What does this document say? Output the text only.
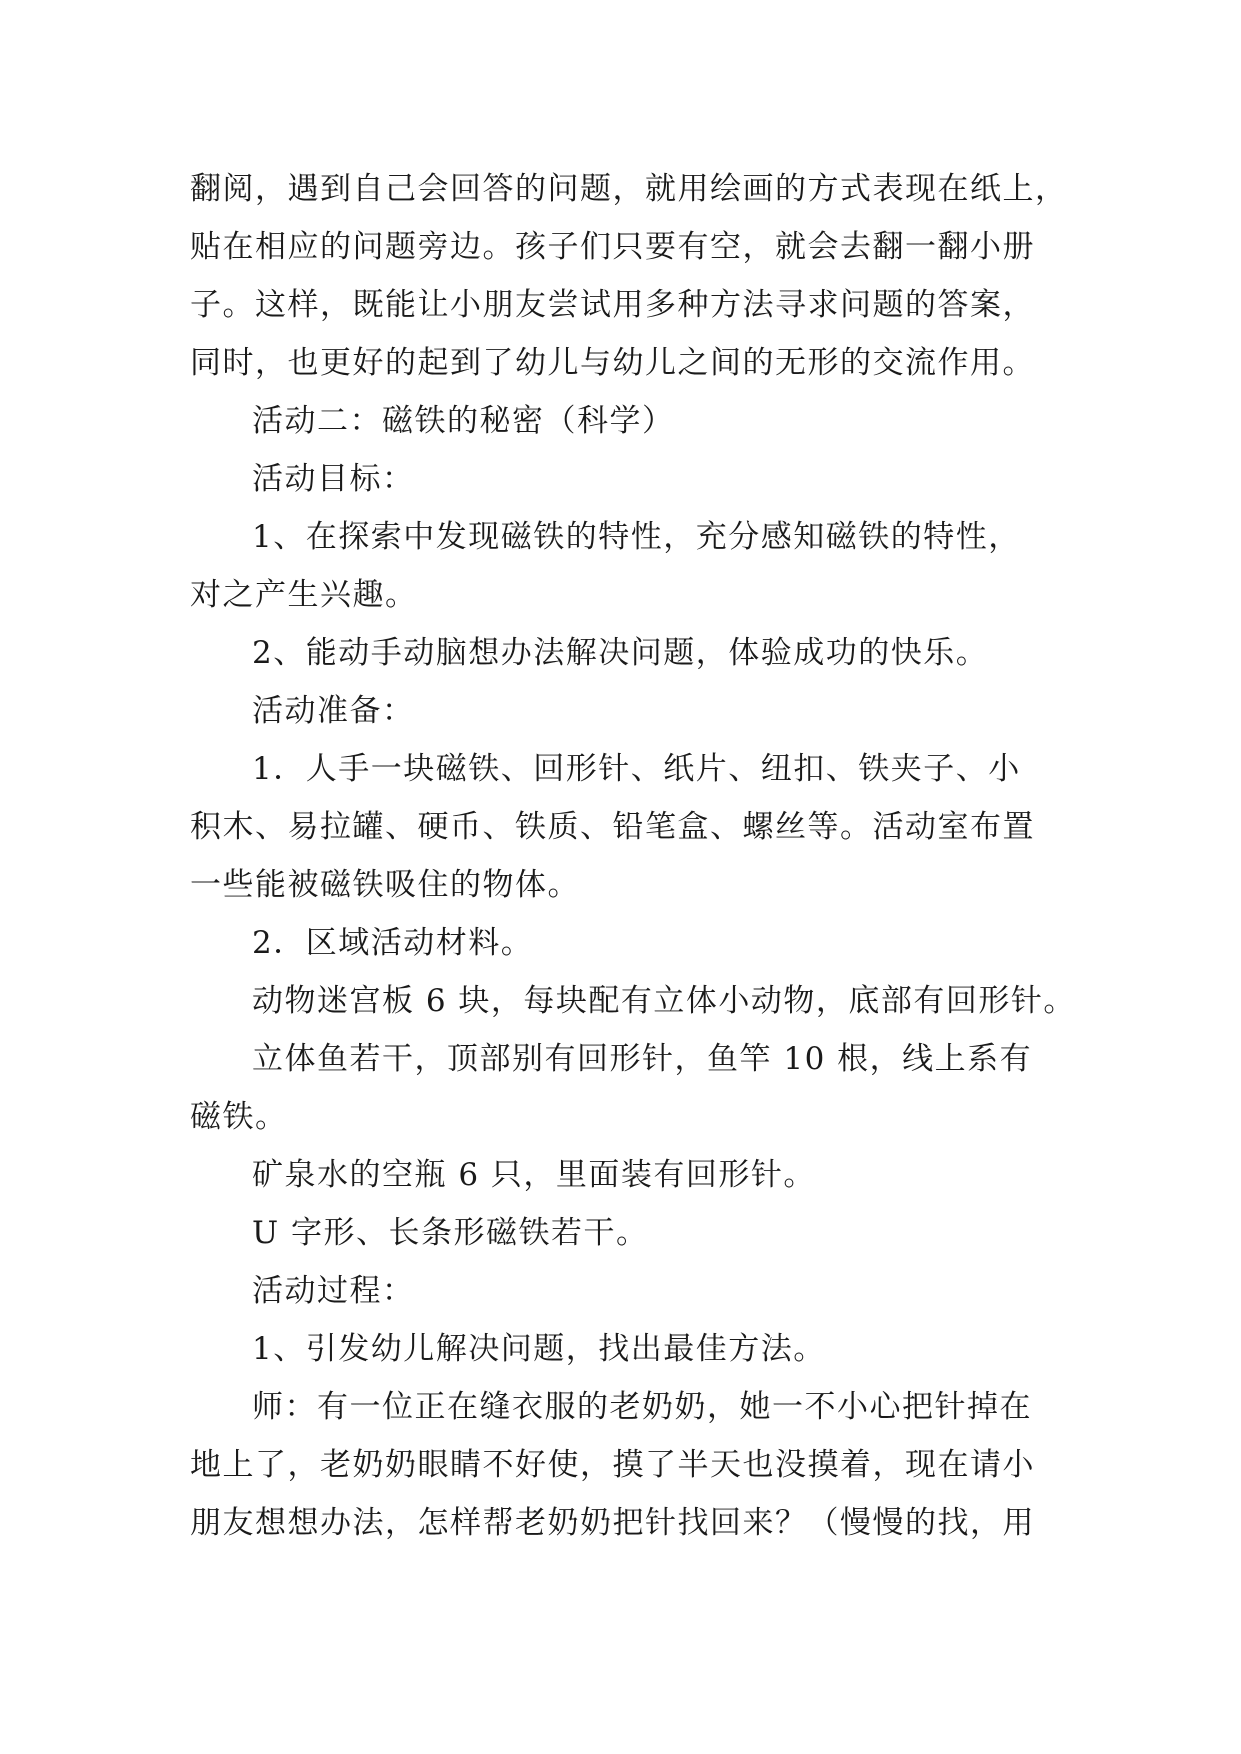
翻阅，遇到自己会回答的问题，就用绘画的方式表现在纸上，
贴在相应的问题旁边。孩子们只要有空，就会去翻一翻小册
子。这样，既能让小朋友尝试用多种方法寻求问题的答案，
同时，也更好的起到了幼儿与幼儿之间的无形的交流作用。
活动二：磁铁的秘密（科学）
活动目标：
1、在探索中发现磁铁的特性，充分感知磁铁的特性，
对之产生兴趣。
2、能动手动脑想办法解决问题，体验成功的快乐。
活动准备：
1．人手一块磁铁、回形针、纸片、纽扣、铁夹子、小
积木、易拉罐、硬币、铁质、铅笔盒、螺丝等。活动室布置
一些能被磁铁吸住的物体。
2．区域活动材料。
动物迷宫板 6 块，每块配有立体小动物，底部有回形针。
立体鱼若干，顶部别有回形针，鱼竿 10 根，线上系有
磁铁。
矿泉水的空瓶 6 只，里面装有回形针。
U 字形、长条形磁铁若干。
活动过程：
1、引发幼儿解决问题，找出最佳方法。
师：有一位正在缝衣服的老奶奶，她一不小心把针掉在
地上了，老奶奶眼睛不好使，摸了半天也没摸着，现在请小
朋友想想办法，怎样帮老奶奶把针找回来？（慢慢的找，用
